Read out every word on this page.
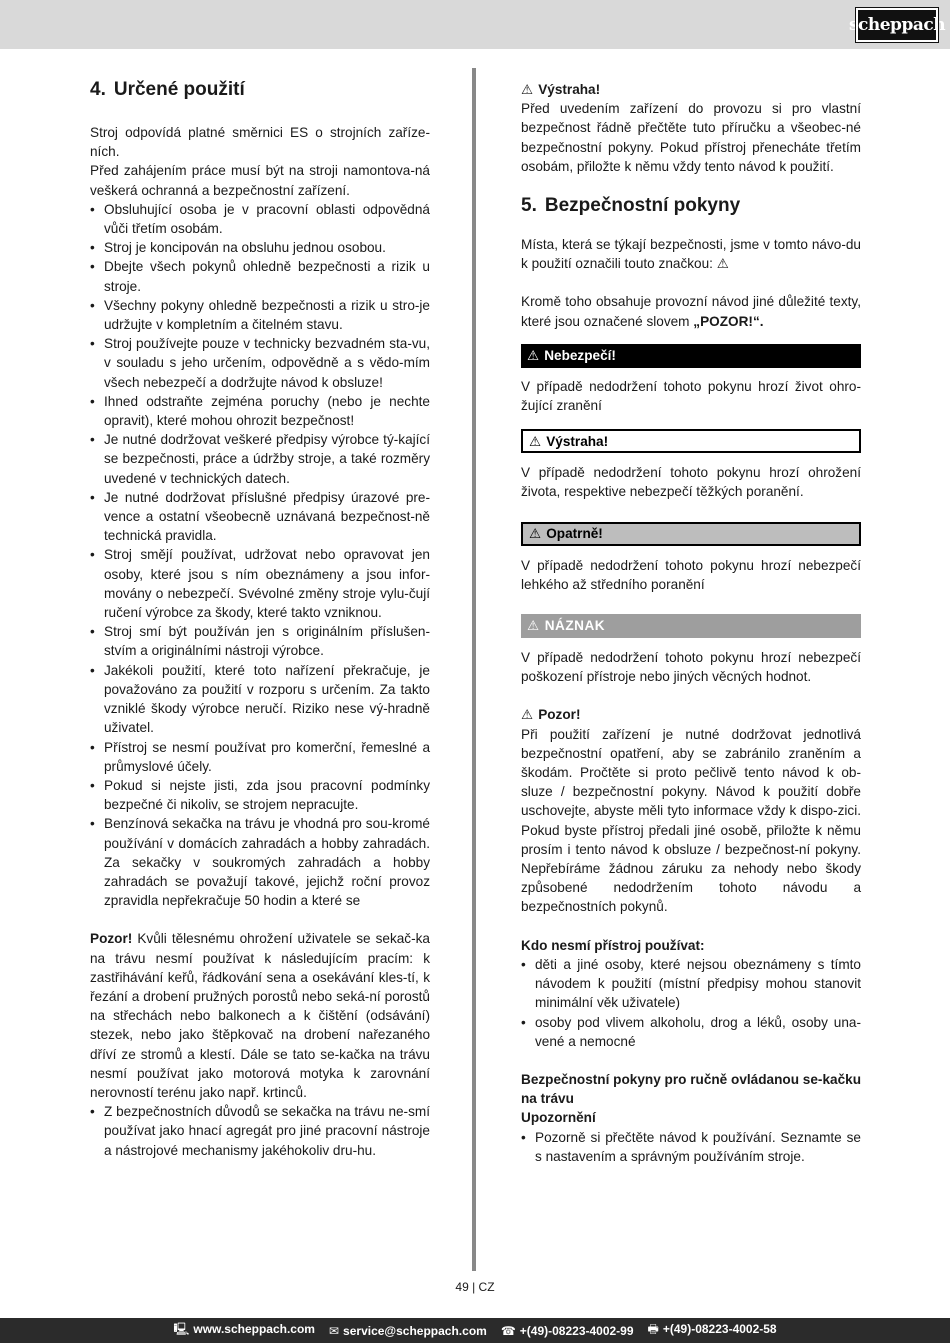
scheppach
4. Určené použití

Stroj odpovídá platné směrnici ES o strojních zaříze-ních.

Před zahájením práce musí být na stroji namontova-ná veškerá ochranná a bezpečnostní zařízení.

• Obsluhující osoba je v pracovní oblasti odpovědná vůči třetím osobám.
• Stroj je koncipován na obsluhu jednou osobou.
• Dbejte všech pokynů ohledně bezpečnosti a rizik u stroje.
• Všechny pokyny ohledně bezpečnosti a rizik u stro-je udržujte v kompletním a čitelném stavu.
• Stroj používejte pouze v technicky bezvadném sta-vu, v souladu s jeho určením, odpovědně a s vědo-mím všech nebezpečí a dodržujte návod k obsluze!
• Ihned odstraňte zejména poruchy (nebo je nechte opravit), které mohou ohrozit bezpečnost!
• Je nutné dodržovat veškeré předpisy výrobce tý-kající se bezpečnosti, práce a údržby stroje, a také rozměry uvedené v technických datech.
• Je nutné dodržovat příslušné předpisy úrazové pre-vence a ostatní všeobecně uznávaná bezpečnost-ně technická pravidla.
• Stroj smějí používat, udržovat nebo opravovat jen osoby, které jsou s ním obeznámeny a jsou infor-movány o nebezpečí. Svévolné změny stroje vylu-čují ručení výrobce za škody, které takto vzniknou.
• Stroj smí být používán jen s originálním příslušen-stvím a originálními nástroji výrobce.
• Jakékoli použití, které toto nařízení překračuje, je považováno za použití v rozporu s určením. Za takto vzniklé škody výrobce neručí. Riziko nese vý-hradně uživatel.
• Přístroj se nesmí používat pro komerční, řemeslné a průmyslové účely.
• Pokud si nejste jisti, zda jsou pracovní podmínky bezpečné či nikoliv, se strojem nepracujte.
• Benzínová sekačka na trávu je vhodná pro sou-kromé používání v domácích zahradách a hobby zahradách. Za sekačky v soukromých zahradách a hobby zahradách se považují takové, jejichž roční provoz zpravidla nepřekračuje 50 hodin a které se

Pozor! Kvůli tělesnému ohrožení uživatele se sekač-ka na trávu nesmí používat k následujícím pracím: k zastřihávání keřů, řádkování sena a osekávání kles-tí, k řezání a drobení pružných porostů nebo seká-ní porostů na střechách nebo balkonech a k čištění (odsávání) stezek, nebo jako štěpkovač na drobení nařezaného dříví ze stromů a klestí. Dále se tato se-kačka na trávu nesmí používat jako motorová motyka k zarovnání nerovností terénu jako např. krtinců.

• Z bezpečnostních důvodů se sekačka na trávu ne-smí používat jako hnací agregát pro jiné pracovní nástroje a nástrojové mechanismy jakéhokoliv dru-hu.
⚠ Výstraha!

Před uvedením zařízení do provozu si pro vlastní bezpečnost řádně přečtěte tuto příručku a všeobec-né bezpečnostní pokyny. Pokud přístroj přenecháte třetím osobám, přiložte k němu vždy tento návod k použití.

5. Bezpečnostní pokyny

Místa, která se týkají bezpečnosti, jsme v tomto návo-du k použití označili touto značkou: ⚠

Kromě toho obsahuje provozní návod jiné důležité texty, které jsou označené slovem „POZOR!“.

⚠ Nebezpečí!

V případě nedodržení tohoto pokynu hrozí život ohro-žující zranění

⚠ Výstraha!

V případě nedodržení tohoto pokynu hrozí ohrožení života, respektive nebezpečí těžkých poranění.

⚠ Opatrně!

V případě nedodržení tohoto pokynu hrozí nebezpečí lehkého až středního poranění

⚠ NÁZNAK

V případě nedodržení tohoto pokynu hrozí nebezpečí poškození přístroje nebo jiných věcných hodnot.

⚠ Pozor!

Při použití zařízení je nutné dodržovat jednotlivá bezpečnostní opatření, aby se zabránilo zraněním a škodám. Pročtěte si proto pečlivě tento návod k ob-sluze / bezpečnostní pokyny. Návod k použití dobře uschovejte, abyste měli tyto informace vždy k dispo-zici. Pokud byste přístroj předali jiné osobě, přiložte k němu prosím i tento návod k obsluze / bezpečnost-ní pokyny. Nepřebíráme žádnou záruku za nehody nebo škody způsobené nedodržením tohoto návodu a bezpečnostních pokynů.

Kdo nesmí přístroj používat:
• děti a jiné osoby, které nejsou obeznámeny s tímto návodem k použití (místní předpisy mohou stanovit minimální věk uživatele)
• osoby pod vlivem alkoholu, drog a léků, osoby una-vené a nemocné

Bezpečnostní pokyny pro ručně ovládanou se-kačku na trávu

Upozornění
• Pozorně si přečtěte návod k používání. Seznamte se s nastavením a správným používáním stroje.
49 | CZ
🖳 www.scheppach.com ✉ service@scheppach.com ☎ +(49)-08223-4002-99 🖶 +(49)-08223-4002-58
